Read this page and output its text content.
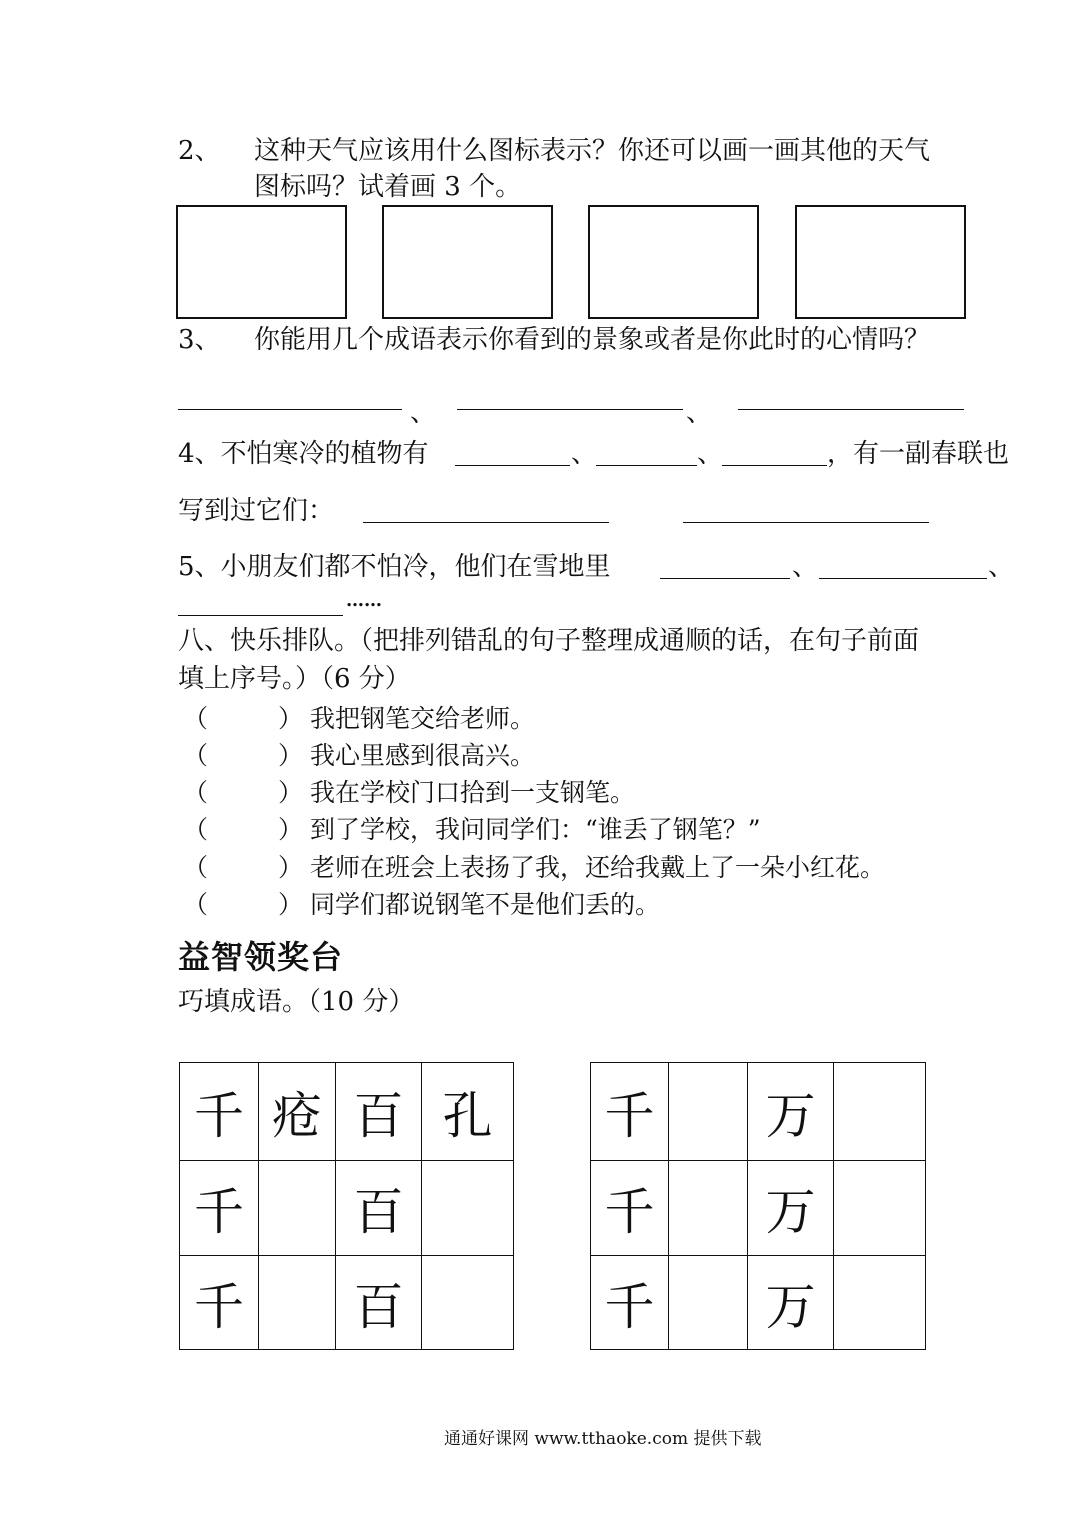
2、 这种天气应该用什么图标表示？你还可以画一画其他的天气
图标吗？试着画 3 个。
3、 你能用几个成语表示你看到的景象或者是你此时的心情吗？
、	、
4、不怕寒冷的植物有	、	、	，有一副春联也
写到过它们：
5、小朋友们都不怕冷，他们在雪地里	、	、
……
八、快乐排队。（把排列错乱的句子整理成通顺的话，在句子前面
填上序号。）（6 分）
（	） 我把钢笔交给老师。
（	） 我心里感到很高兴。
（	） 我在学校门口拾到一支钢笔。
（	） 到了学校，我问同学们：“谁丢了钢笔？”
（	） 老师在班会上表扬了我，还给我戴上了一朵小红花。
（	） 同学们都说钢笔不是他们丢的。
益智领奖台
巧填成语。（10 分）
千	疮	百	孔
千		百	
千		百	
千		万	
千		万	
千		万	
通通好课网 www.tthaoke.com 提供下载
